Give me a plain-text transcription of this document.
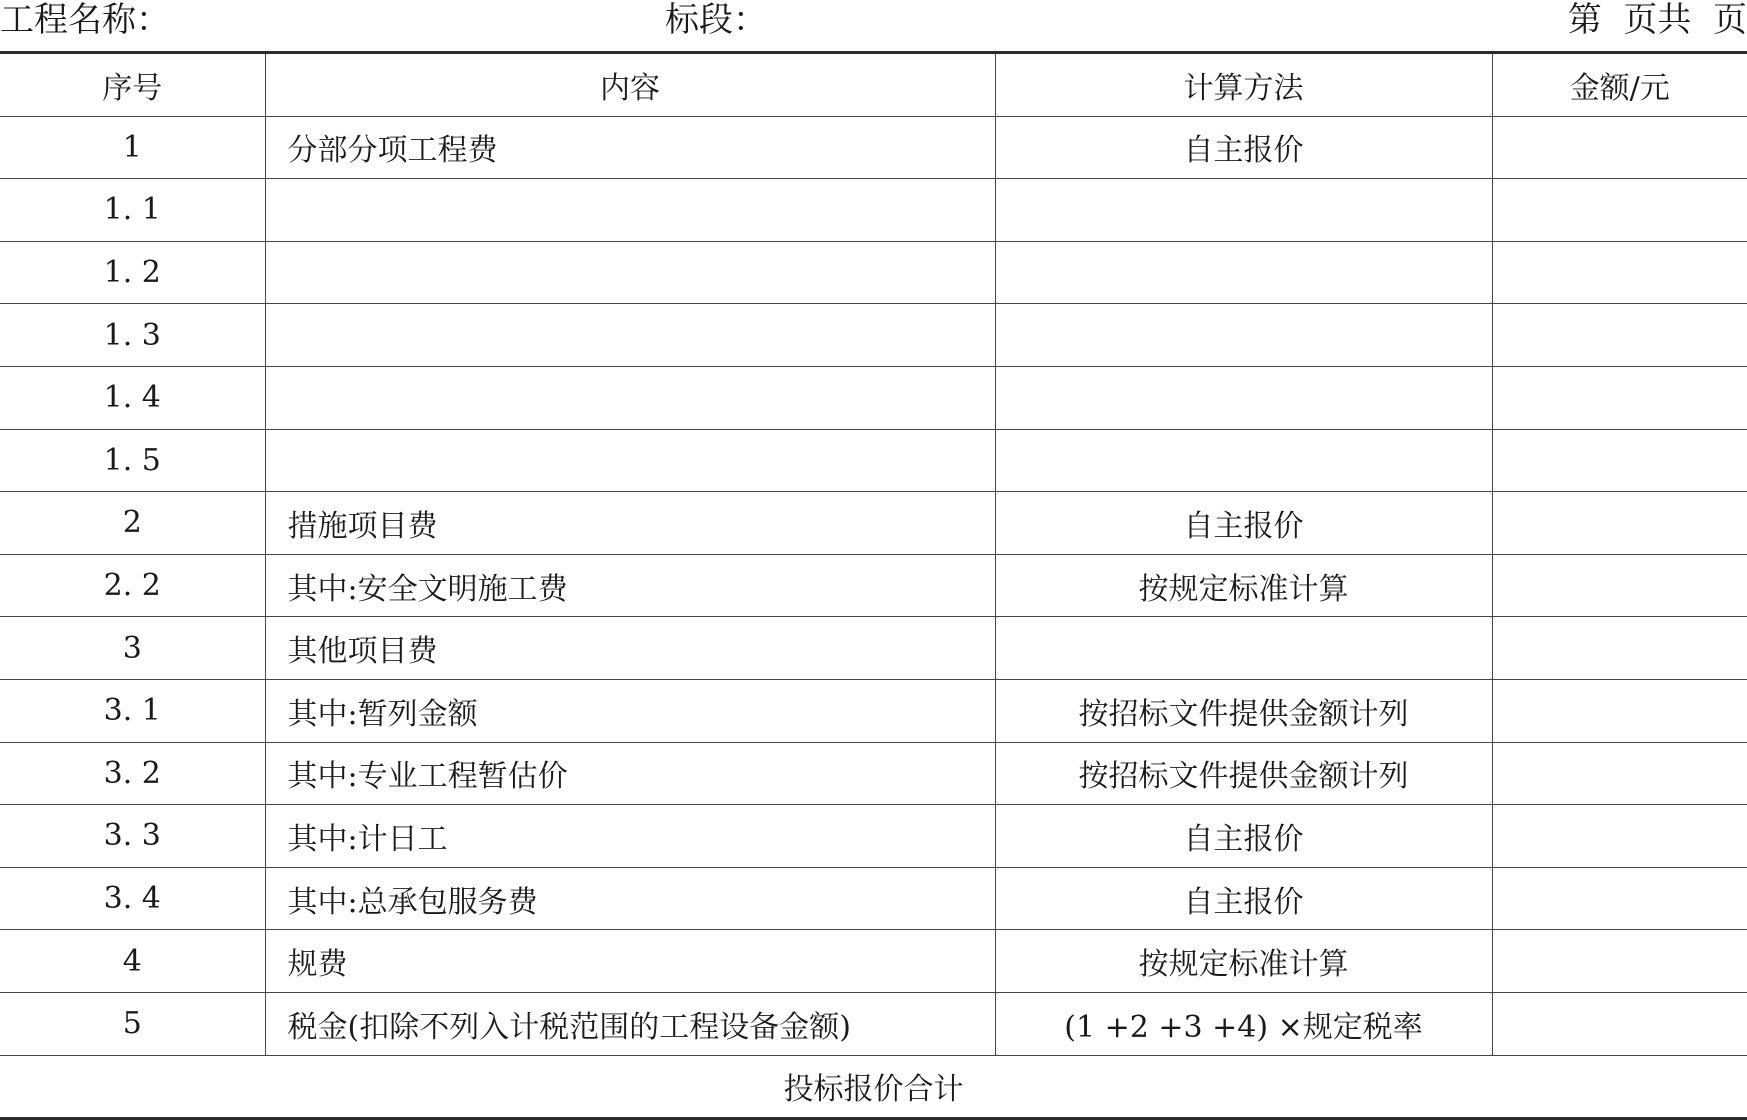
工程名称：	标段：	第  页共  页
序号	内容	计算方法	金额/元
1	分部分项工程费	自主报价	
1. 1			
1. 2			
1. 3			
1. 4			
1. 5			
2	措施项目费	自主报价	
2. 2	其中:安全文明施工费	按规定标准计算	
3	其他项目费		
3. 1	其中:暂列金额	按招标文件提供金额计列	
3. 2	其中:专业工程暂估价	按招标文件提供金额计列	
3. 3	其中:计日工	自主报价	
3. 4	其中:总承包服务费	自主报价	
4	规费	按规定标准计算	
5	税金(扣除不列入计税范围的工程设备金额)	(1 +2 +3 +4) ×规定税率	
投标报价合计			
